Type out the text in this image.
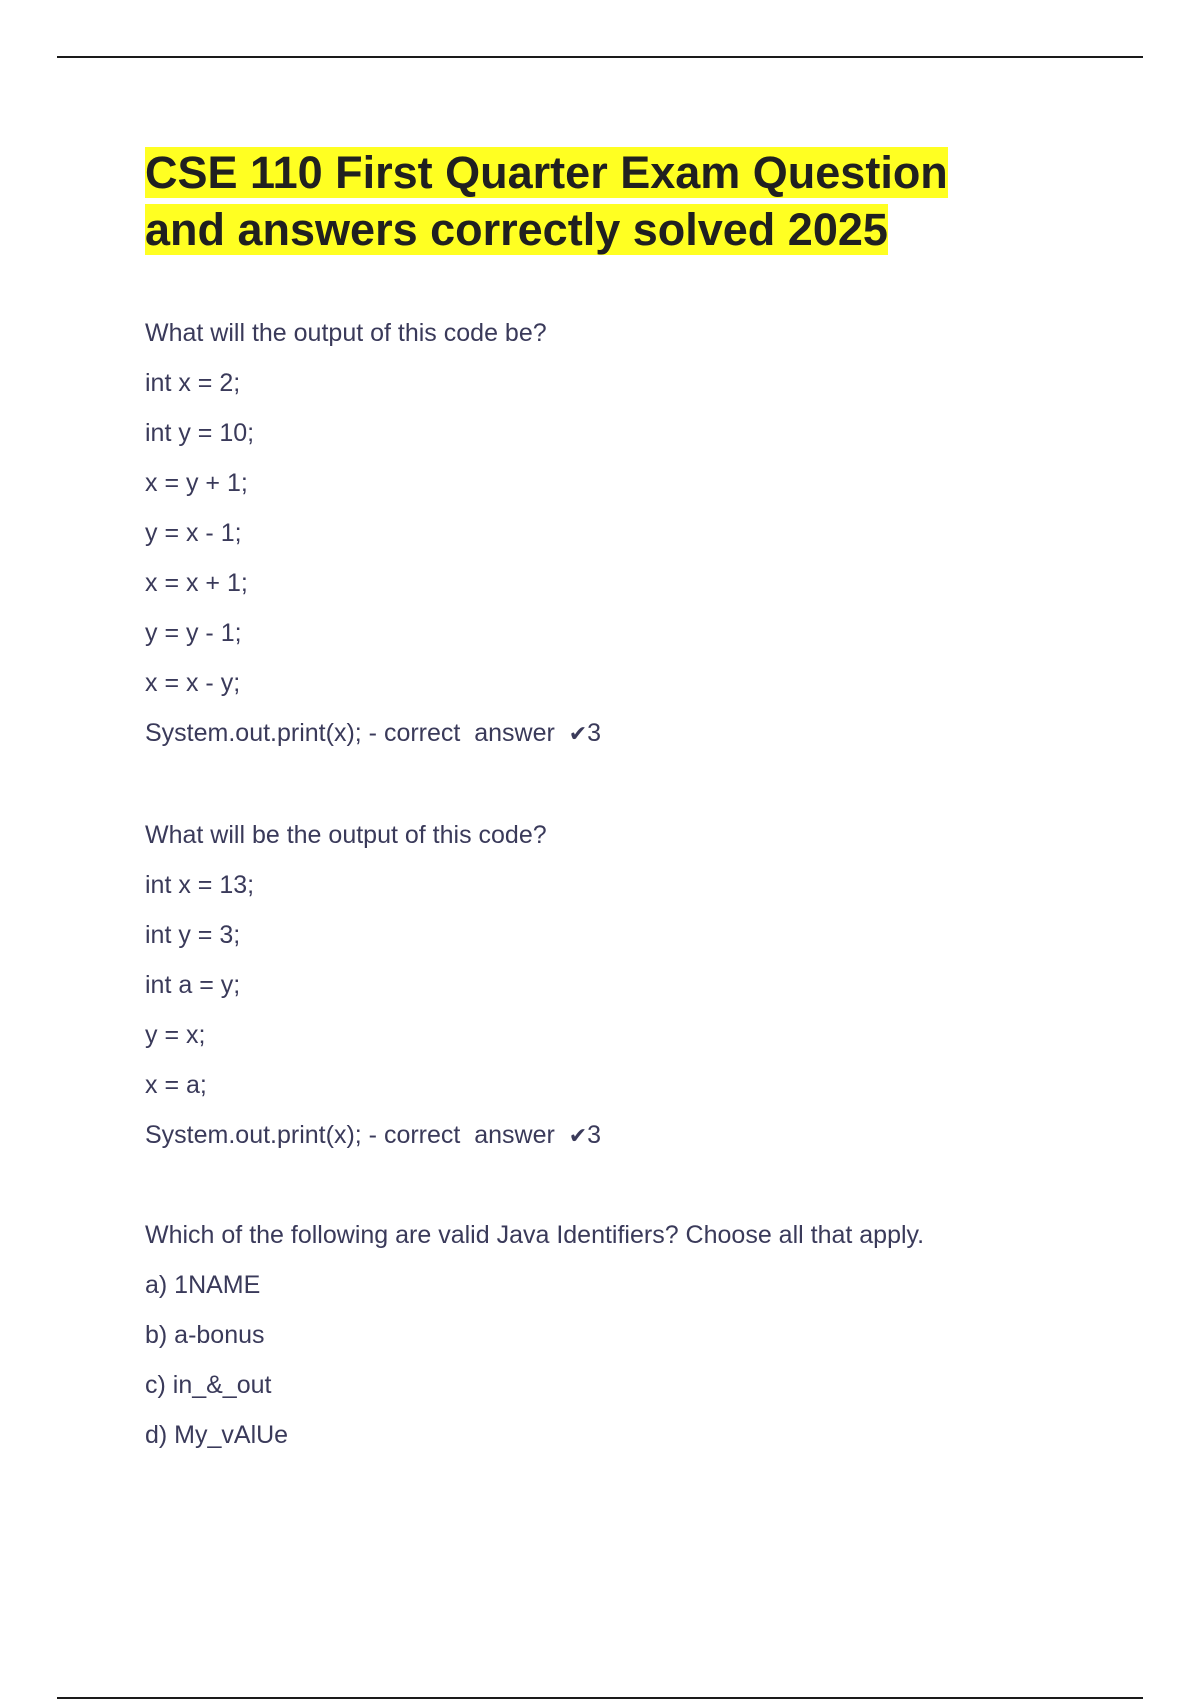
CSE 110 First Quarter Exam Question
and answers correctly solved 2025
What will the output of this code be?
int x = 2;
int y = 10;
x = y + 1;
y = x - 1;
x = x + 1;
y = y - 1;
x = x - y;
System.out.print(x); - correct  answer  ✔3
What will be the output of this code?
int x = 13;
int y = 3;
int a = y;
y = x;
x = a;
System.out.print(x); - correct  answer  ✔3
Which of the following are valid Java Identifiers? Choose all that apply.
a) 1NAME
b) a-bonus
c) in_&_out
d) My_vAlUe
